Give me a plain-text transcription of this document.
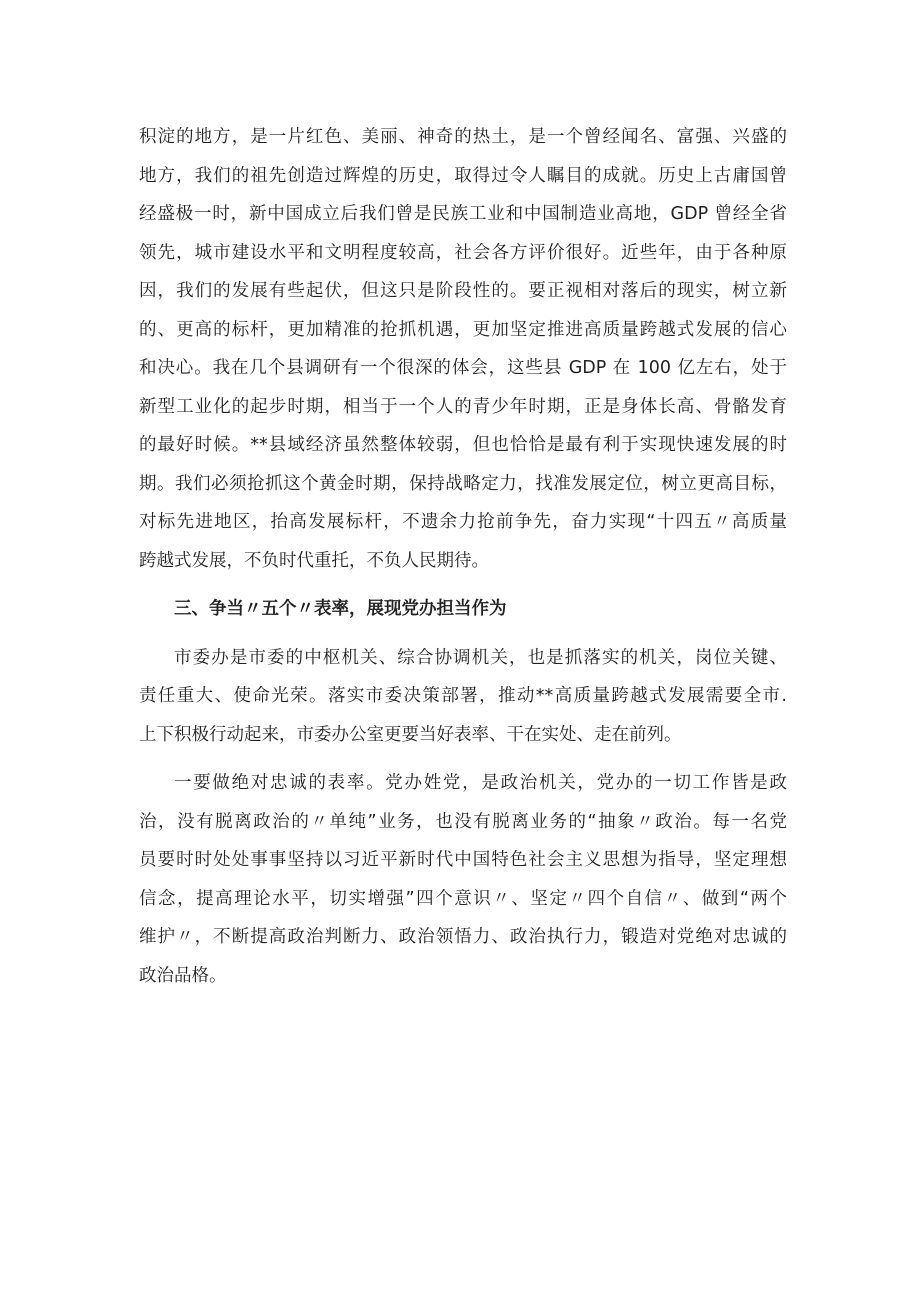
积淀的地方，是一片红色、美丽、神奇的热土，是一个曾经闻名、富强、兴盛的
地方，我们的祖先创造过辉煌的历史，取得过令人瞩目的成就。历史上古庸国曾
经盛极一时，新中国成立后我们曾是民族工业和中国制造业高地，GDP 曾经全省
领先，城市建设水平和文明程度较高，社会各方评价很好。近些年，由于各种原
因，我们的发展有些起伏，但这只是阶段性的。要正视相对落后的现实，树立新
的、更高的标杆，更加精准的抢抓机遇，更加坚定推进高质量跨越式发展的信心
和决心。我在几个县调研有一个很深的体会，这些县 GDP 在 100 亿左右，处于
新型工业化的起步时期，相当于一个人的青少年时期，正是身体长高、骨骼发育
的最好时候。**县域经济虽然整体较弱，但也恰恰是最有利于实现快速发展的时
期。我们必须抢抓这个黄金时期，保持战略定力，找准发展定位，树立更高目标，
对标先进地区，抬高发展标杆，不遗余力抢前争先，奋力实现“十四五〃高质量
跨越式发展，不负时代重托，不负人民期待。
三、争当〃五个〃表率，展现党办担当作为
市委办是市委的中枢机关、综合协调机关，也是抓落实的机关，岗位关键、
责任重大、使命光荣。落实市委决策部署，推动**高质量跨越式发展需要全市.
上下积极行动起来，市委办公室更要当好表率、干在实处、走在前列。
一要做绝对忠诚的表率。党办姓党，是政治机关，党办的一切工作皆是政
治，没有脱离政治的〃单纯”业务，也没有脱离业务的“抽象〃政治。每一名党
员要时时处处事事坚持以习近平新时代中国特色社会主义思想为指导，坚定理想
信念，提高理论水平，切实增强”四个意识〃、坚定〃四个自信〃、做到“两个
维护〃，不断提高政治判断力、政治领悟力、政治执行力，锻造对党绝对忠诚的
政治品格。
